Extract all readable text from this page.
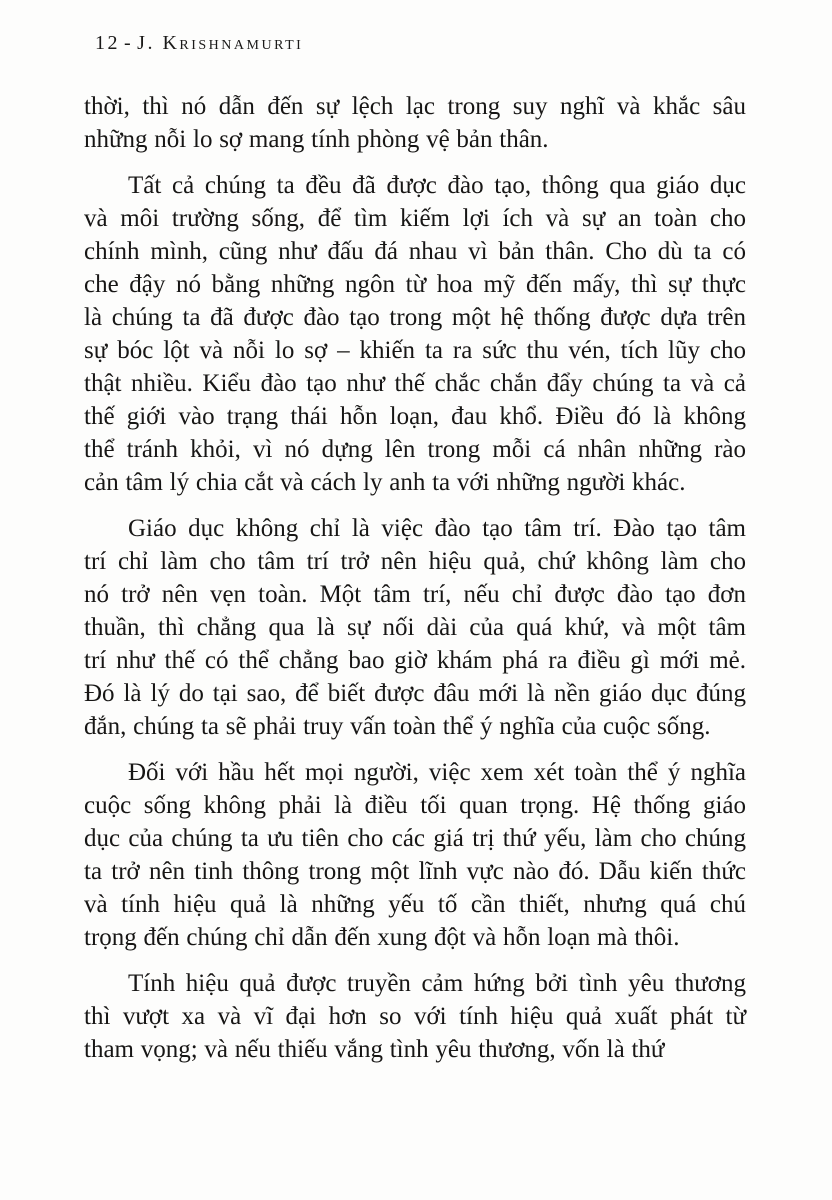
12 - J. Krishnamurti
thời, thì nó dẫn đến sự lệch lạc trong suy nghĩ và khắc sâu
những nỗi lo sợ mang tính phòng vệ bản thân.
Tất cả chúng ta đều đã được đào tạo, thông qua giáo dục
và môi trường sống, để tìm kiếm lợi ích và sự an toàn cho
chính mình, cũng như đấu đá nhau vì bản thân. Cho dù ta có
che đậy nó bằng những ngôn từ hoa mỹ đến mấy, thì sự thực
là chúng ta đã được đào tạo trong một hệ thống được dựa trên
sự bóc lột và nỗi lo sợ – khiến ta ra sức thu vén, tích lũy cho
thật nhiều. Kiểu đào tạo như thế chắc chắn đẩy chúng ta và cả
thế giới vào trạng thái hỗn loạn, đau khổ. Điều đó là không
thể tránh khỏi, vì nó dựng lên trong mỗi cá nhân những rào
cản tâm lý chia cắt và cách ly anh ta với những người khác.
Giáo dục không chỉ là việc đào tạo tâm trí. Đào tạo tâm
trí chỉ làm cho tâm trí trở nên hiệu quả, chứ không làm cho
nó trở nên vẹn toàn. Một tâm trí, nếu chỉ được đào tạo đơn
thuần, thì chẳng qua là sự nối dài của quá khứ, và một tâm
trí như thế có thể chẳng bao giờ khám phá ra điều gì mới mẻ.
Đó là lý do tại sao, để biết được đâu mới là nền giáo dục đúng
đắn, chúng ta sẽ phải truy vấn toàn thể ý nghĩa của cuộc sống.
Đối với hầu hết mọi người, việc xem xét toàn thể ý nghĩa
cuộc sống không phải là điều tối quan trọng. Hệ thống giáo
dục của chúng ta ưu tiên cho các giá trị thứ yếu, làm cho chúng
ta trở nên tinh thông trong một lĩnh vực nào đó. Dẫu kiến thức
và tính hiệu quả là những yếu tố cần thiết, nhưng quá chú
trọng đến chúng chỉ dẫn đến xung đột và hỗn loạn mà thôi.
Tính hiệu quả được truyền cảm hứng bởi tình yêu thương
thì vượt xa và vĩ đại hơn so với tính hiệu quả xuất phát từ
tham vọng; và nếu thiếu vắng tình yêu thương, vốn là thứ
